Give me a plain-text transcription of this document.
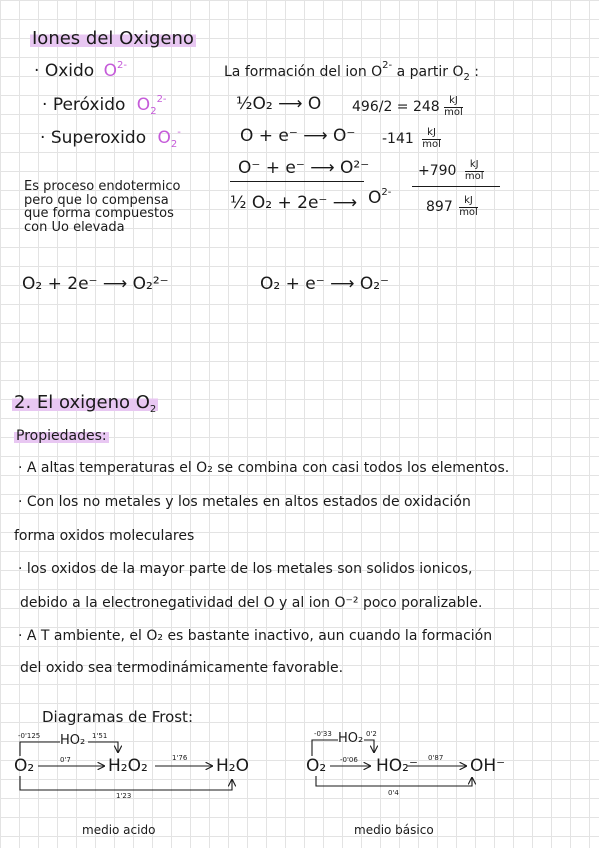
Iones del Oxigeno
· Oxido $O^{2-}$
· Peróxido $O_2^{2-}$
· Superoxido $O_2^-$
La formación del ion $O^{2-}$ a partir $O_2$ :
½O₂ ⟶ O $496/2 = 248 \frac{kJ}{\text{mol}}$
O + e⁻ ⟶ O⁻ $-141 \frac{kJ}{\text{mol}}$
O⁻ + e⁻ ⟶ O²⁻	$+790 \frac{kJ}{\text{mol}}$
½ O₂ + 2e⁻ ⟶ $O^{2-}$
$897 \frac{kJ}{\text{mol}}$
Es proceso endotermico
pero que lo compensa
que forma compuestos
con Uo elevada
O₂ + 2e⁻ ⟶ O₂²⁻	O₂ + e⁻ ⟶ O₂⁻
2. El oxigeno $O_2$
Propiedades:
· A altas temperaturas el O₂ se combina con casi todos los elementos.
· Con los no metales y los metales en altos estados de oxidación
forma oxidos moleculares
· los oxidos de la mayor parte de los metales son solidos ionicos,
debido a la electronegatividad del O y al ion O⁻² poco poralizable.
· A T ambiente, el O₂ es bastante inactivo, aun cuando la formación
del oxido sea termodinámicamente favorable.
Diagramas de Frost:
-0'125 HO₂ 1'51
O₂	0'7 H₂O₂	1'76 H₂O
1'23
medio acido
-0'33 HO₂ 0'2
O₂ -0'06 HO₂⁻ 0'87 OH⁻
0'4
medio básico
